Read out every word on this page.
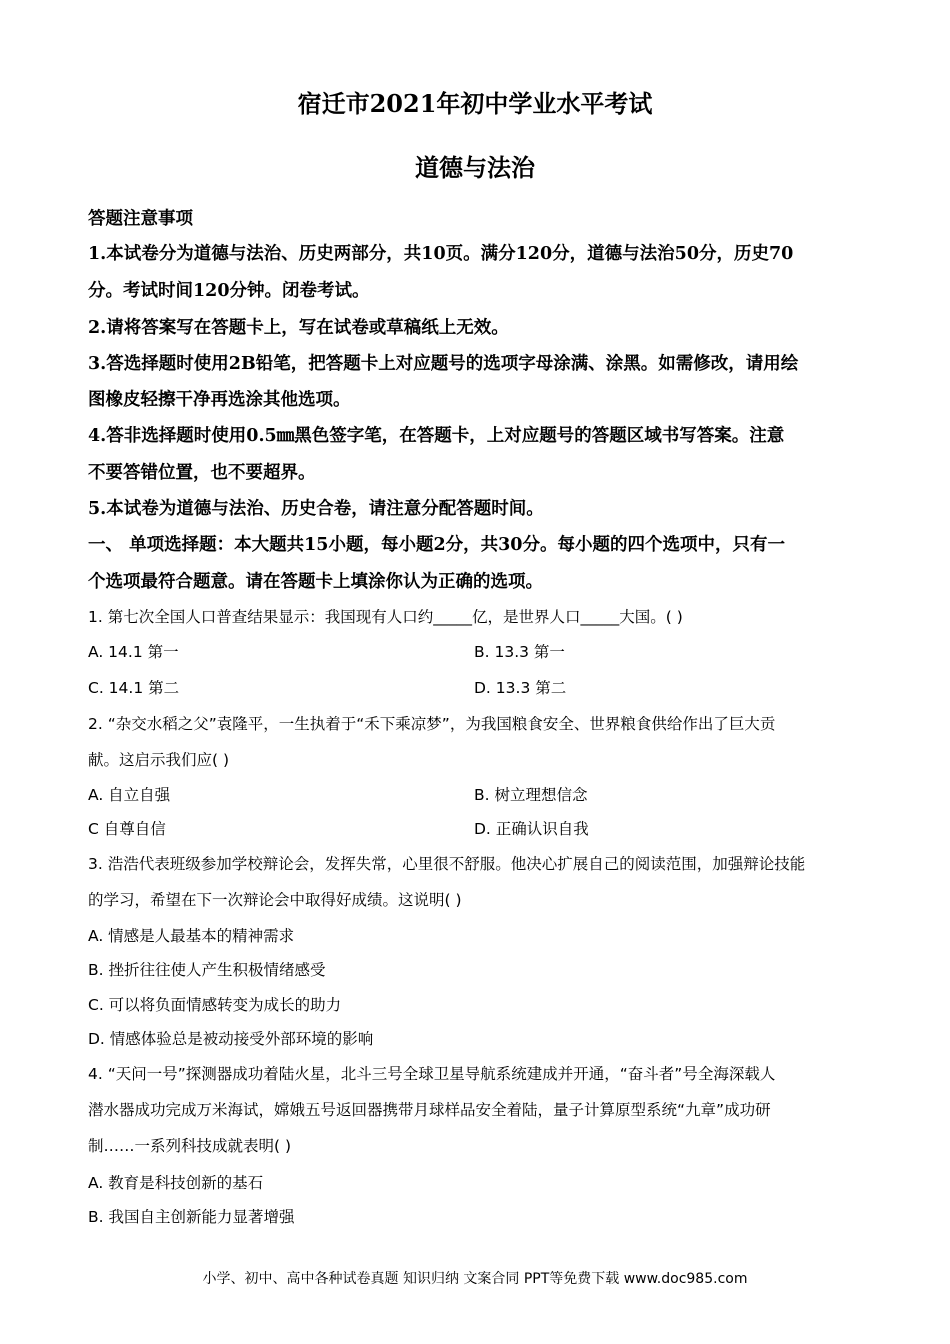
宿迁市2021年初中学业水平考试
道德与法治
答题注意事项
1.本试卷分为道德与法治、历史两部分，共10页。满分120分，道德与法治50分，历史70
分。考试时间120分钟。闭卷考试。
2.请将答案写在答题卡上，写在试卷或草稿纸上无效。
3.答选择题时使用2B铅笔，把答题卡上对应题号的选项字母涂满、涂黑。如需修改，请用绘
图橡皮轻擦干净再选涂其他选项。
4.答非选择题时使用0.5㎜黑色签字笔，在答题卡，上对应题号的答题区域书写答案。注意
不要答错位置，也不要超界。
5.本试卷为道德与法治、历史合卷，请注意分配答题时间。
一、 单项选择题：本大题共15小题，每小题2分，共30分。每小题的四个选项中，只有一
个选项最符合题意。请在答题卡上填涂你认为正确的选项。
1. 第七次全国人口普查结果显示：我国现有人口约_____亿，是世界人口_____大国。( )
A. 14.1 第一	B. 13.3 第一
C. 14.1 第二	D. 13.3 第二
2. “杂交水稻之父”袁隆平，一生执着于“禾下乘凉梦”，为我国粮食安全、世界粮食供给作出了巨大贡
献。这启示我们应( )
A. 自立自强	B. 树立理想信念
C 自尊自信	D. 正确认识自我
3. 浩浩代表班级参加学校辩论会，发挥失常，心里很不舒服。他决心扩展自己的阅读范围，加强辩论技能
的学习，希望在下一次辩论会中取得好成绩。这说明( )
A. 情感是人最基本的精神需求
B. 挫折往往使人产生积极情绪感受
C. 可以将负面情感转变为成长的助力
D. 情感体验总是被动接受外部环境的影响
4. “天问一号”探测器成功着陆火星，北斗三号全球卫星导航系统建成并开通，“奋斗者”号全海深载人
潜水器成功完成万米海试，嫦娥五号返回器携带月球样品安全着陆，量子计算原型系统“九章”成功研
制……一系列科技成就表明( )
A. 教育是科技创新的基石
B. 我国自主创新能力显著增强
小学、初中、高中各种试卷真题 知识归纳 文案合同 PPT等免费下载 www.doc985.com
